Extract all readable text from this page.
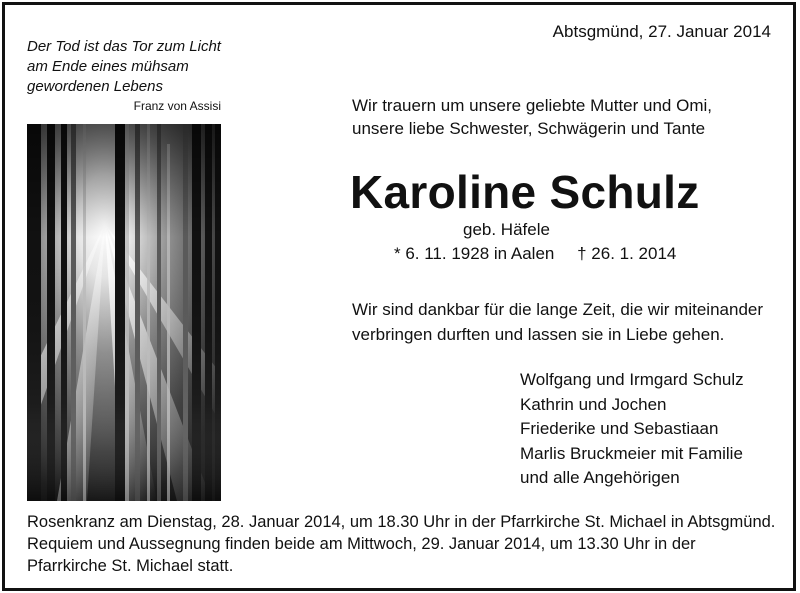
Abtsgmünd, 27. Januar 2014
Der Tod ist das Tor zum Licht
am Ende eines mühsam
gewordenen Lebens
Franz von Assisi	Wir trauern um unsere geliebte Mutter und Omi,
unsere liebe Schwester, Schwägerin und Tante
Karoline Schulz
geb. Häfele
* 6. 11. 1928 in Aalen † 26. 1. 2014
Wir sind dankbar für die lange Zeit, die wir miteinander
verbringen durften und lassen sie in Liebe gehen.
Wolfgang und Irmgard Schulz
Kathrin und Jochen
Friederike und Sebastiaan
Marlis Bruckmeier mit Familie
und alle Angehörigen
Rosenkranz am Dienstag, 28. Januar 2014, um 18.30 Uhr in der Pfarrkirche St. Michael in Abtsgmünd.
Requiem und Aussegnung finden beide am Mittwoch, 29. Januar 2014, um 13.30 Uhr in der
Pfarrkirche St. Michael statt.
